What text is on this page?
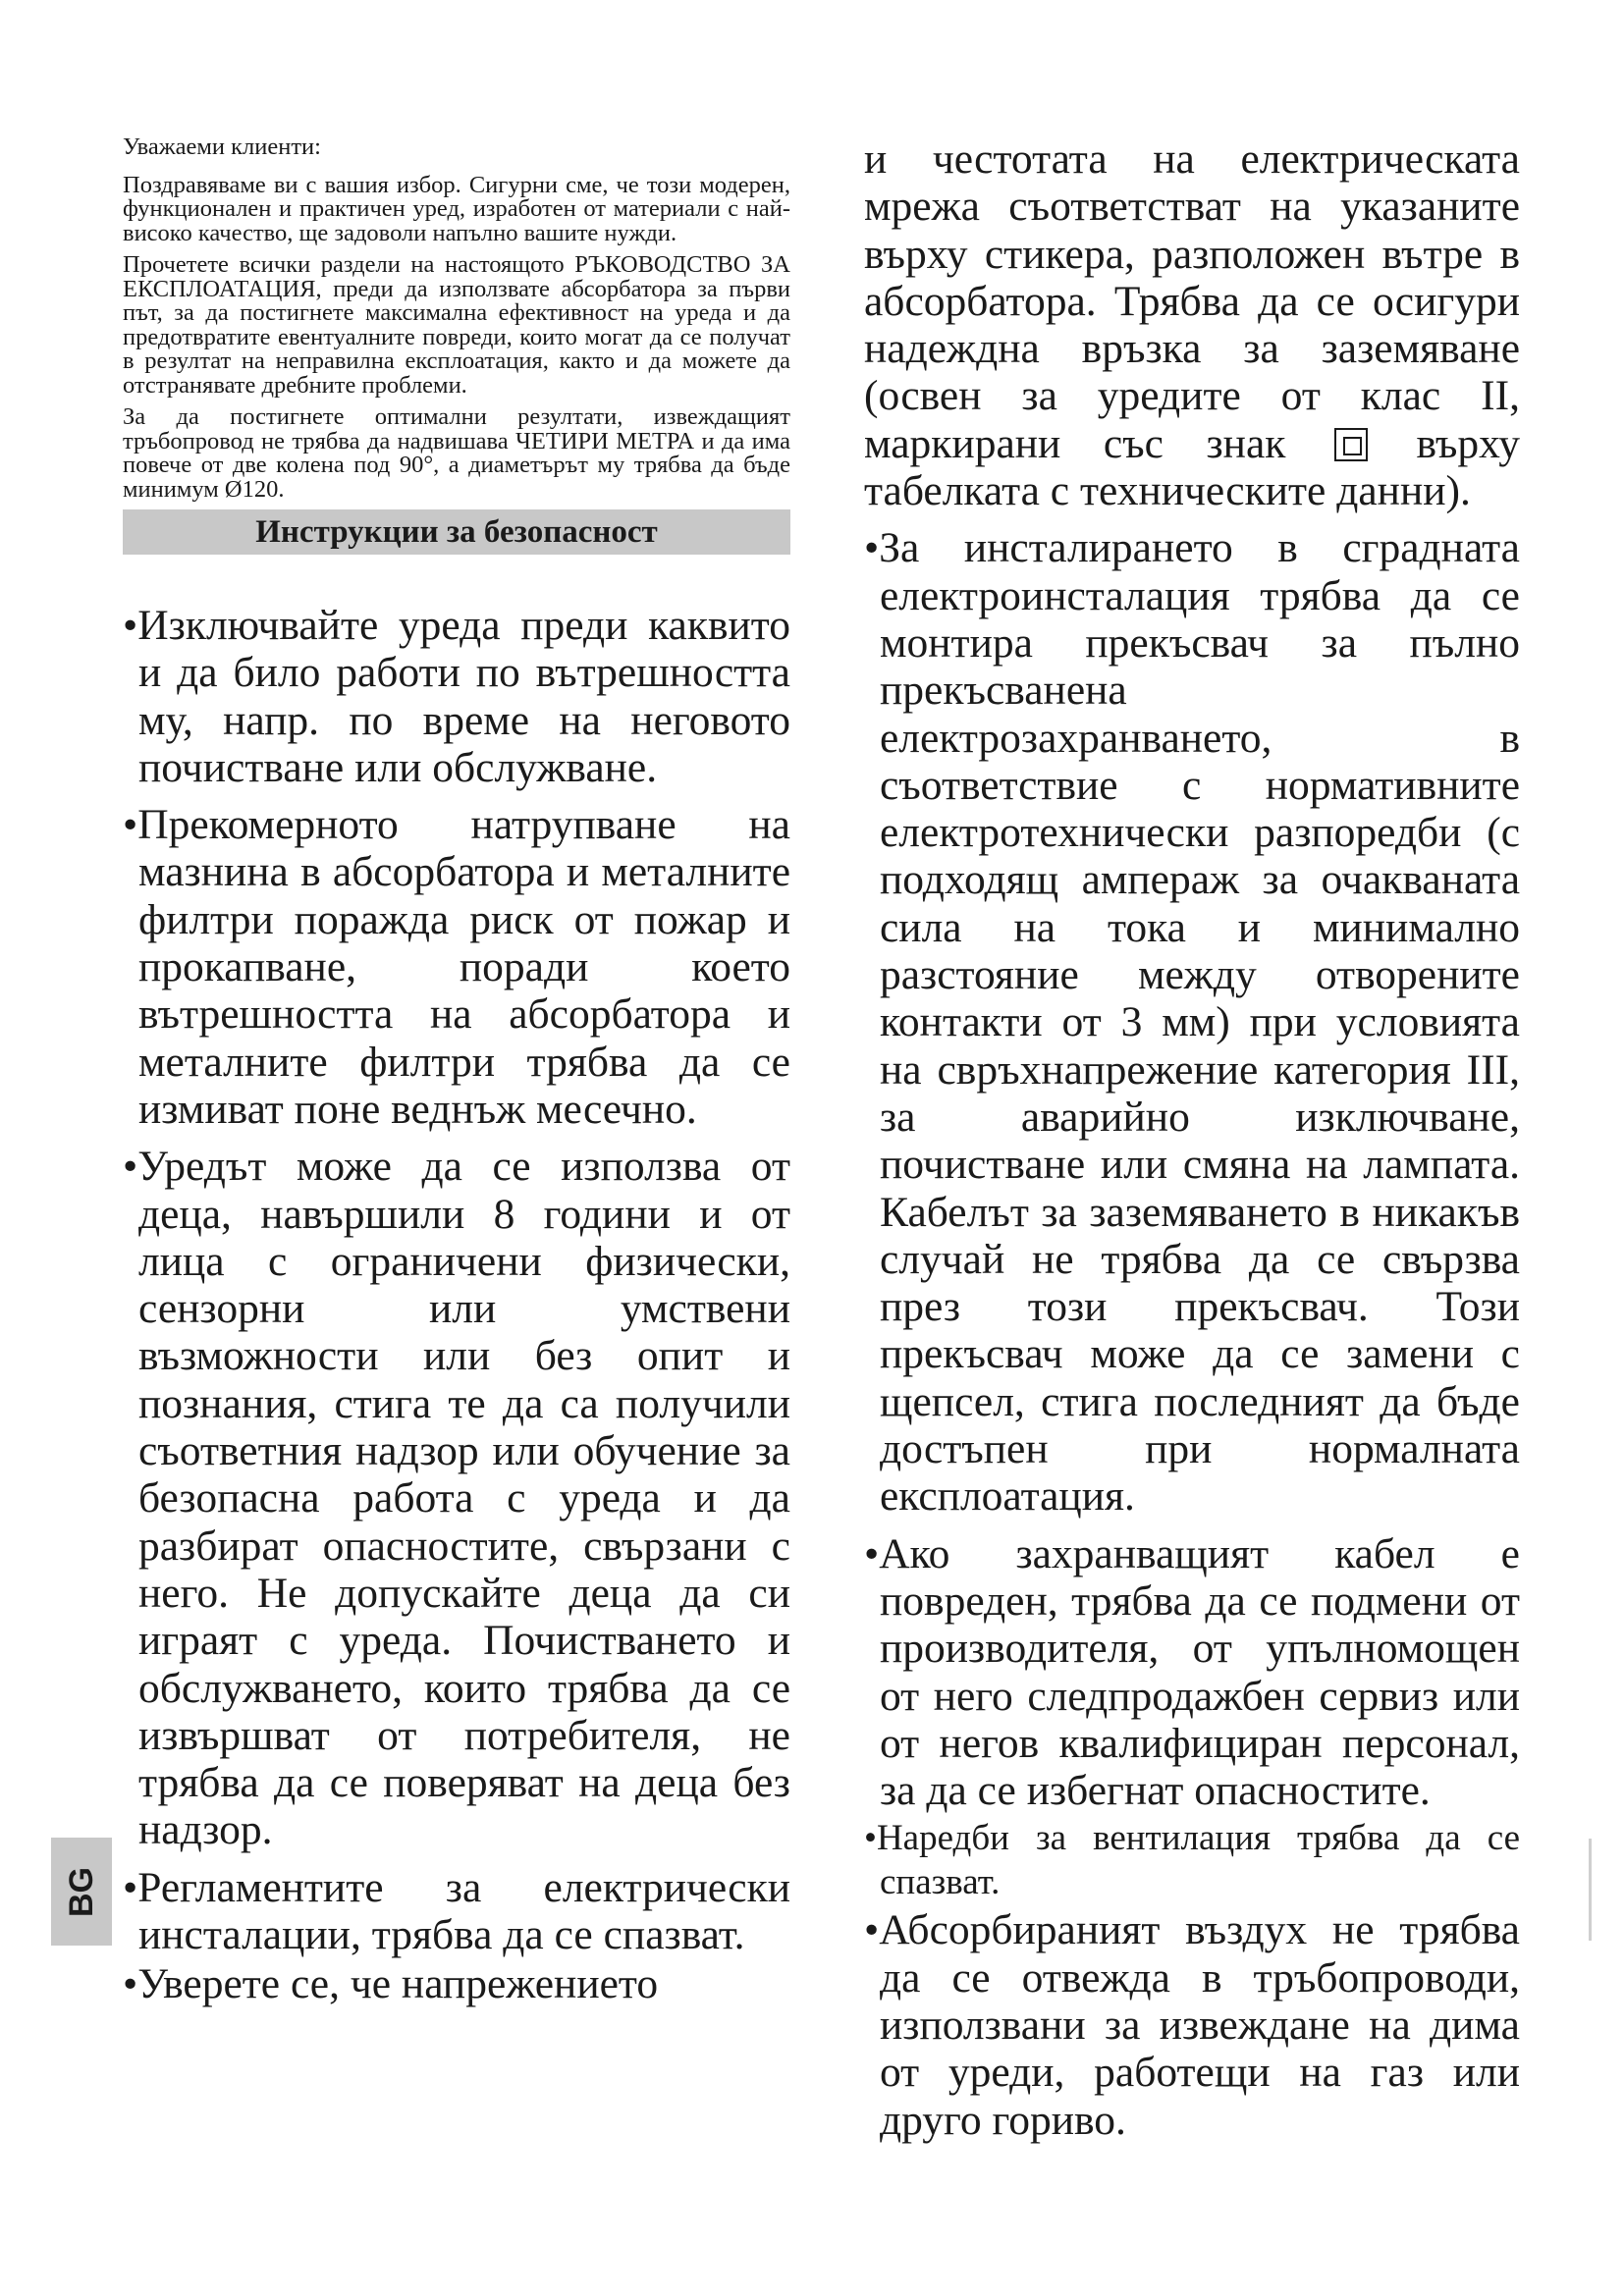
Уважаеми клиенти:

Поздравяваме ви с вашия избор. Сигурни сме, че този модерен, функционален и практичен уред, изработен от материали с най-високо качество, ще задоволи напълно вашите нужди.

Прочетете всички раздели на настоящото РЪКОВОДСТВО ЗА ЕКСПЛОАТАЦИЯ, преди да използвате абсорбатора за първи път, за да постигнете максимална ефективност на уреда и да предотвратите евентуалните повреди, които могат да се получат в резултат на неправилна експлоатация, както и да можете да отстранявате дребните проблеми.

За да постигнете оптимални резултати, извеждащият тръбопровод не трябва да надвишава ЧЕТИРИ МЕТРА и да има повече от две колена под 90°, а диаметърът му трябва да бъде минимум Ø120.

Инструкции за безопасност

•Изключвайте уреда преди каквито и да било работи по вътрешността му, напр. по време на неговото почистване или обслужване.

•Прекомерното натрупване на мазнина в абсорбатора и металните филтри поражда риск от пожар и прокапване, поради което вътрешността на абсорбатора и металните филтри трябва да се измиват поне веднъж месечно.

•Уредът може да се използва от деца, навършили 8 години и от лица с ограничени физически, сензорни или умствени възможности или без опит и познания, стига те да са получили съответния надзор или обучение за безопасна работа с уреда и да разбират опасностите, свързани с него. Не допускайте деца да си играят с уреда. Почистването и обслужването, които трябва да се извършват от потребителя, не трябва да се поверяват на деца без надзор.

•Регламентите за електрически инсталации, трябва да се спазват.

•Уверете се, че напрежението

и честотата на електрическата мрежа съответстват на указаните върху стикера, разположен вътре в абсорбатора. Трябва да се осигури надеждна връзка за заземяване (освен за уредите от клас II, маркирани със знак	върху табелката с техническите данни).

•За инсталирането в сградната електроинсталация трябва да се монтира прекъсвач за пълно прекъсванена електрозахранването, в съответствие с нормативните електротехнически разпоредби (с подходящ ампераж за очакваната сила на тока и минимално разстояние между отворените контакти от 3 мм) при условията на свръхнапрежение категория III, за аварийно изключване, почистване или смяна на лампата. Кабелът за заземяването в никакъв случай не трябва да се свързва през този прекъсвач. Този прекъсвач може да се замени с щепсел, стига последният да бъде достъпен при нормалната експлоатация.

•Ако захранващият кабел е повреден, трябва да се подмени от производителя, от упълномощен от него следпродажбен сервиз или от негов квалифициран персонал, за да се избегнат опасностите.

•Наредби за вентилация трябва да се спазват.

•Абсорбираният въздух не трябва да се отвежда в тръбопроводи, използвани за извеждане на дима от уреди, работещи на газ или друго гориво.

BG
